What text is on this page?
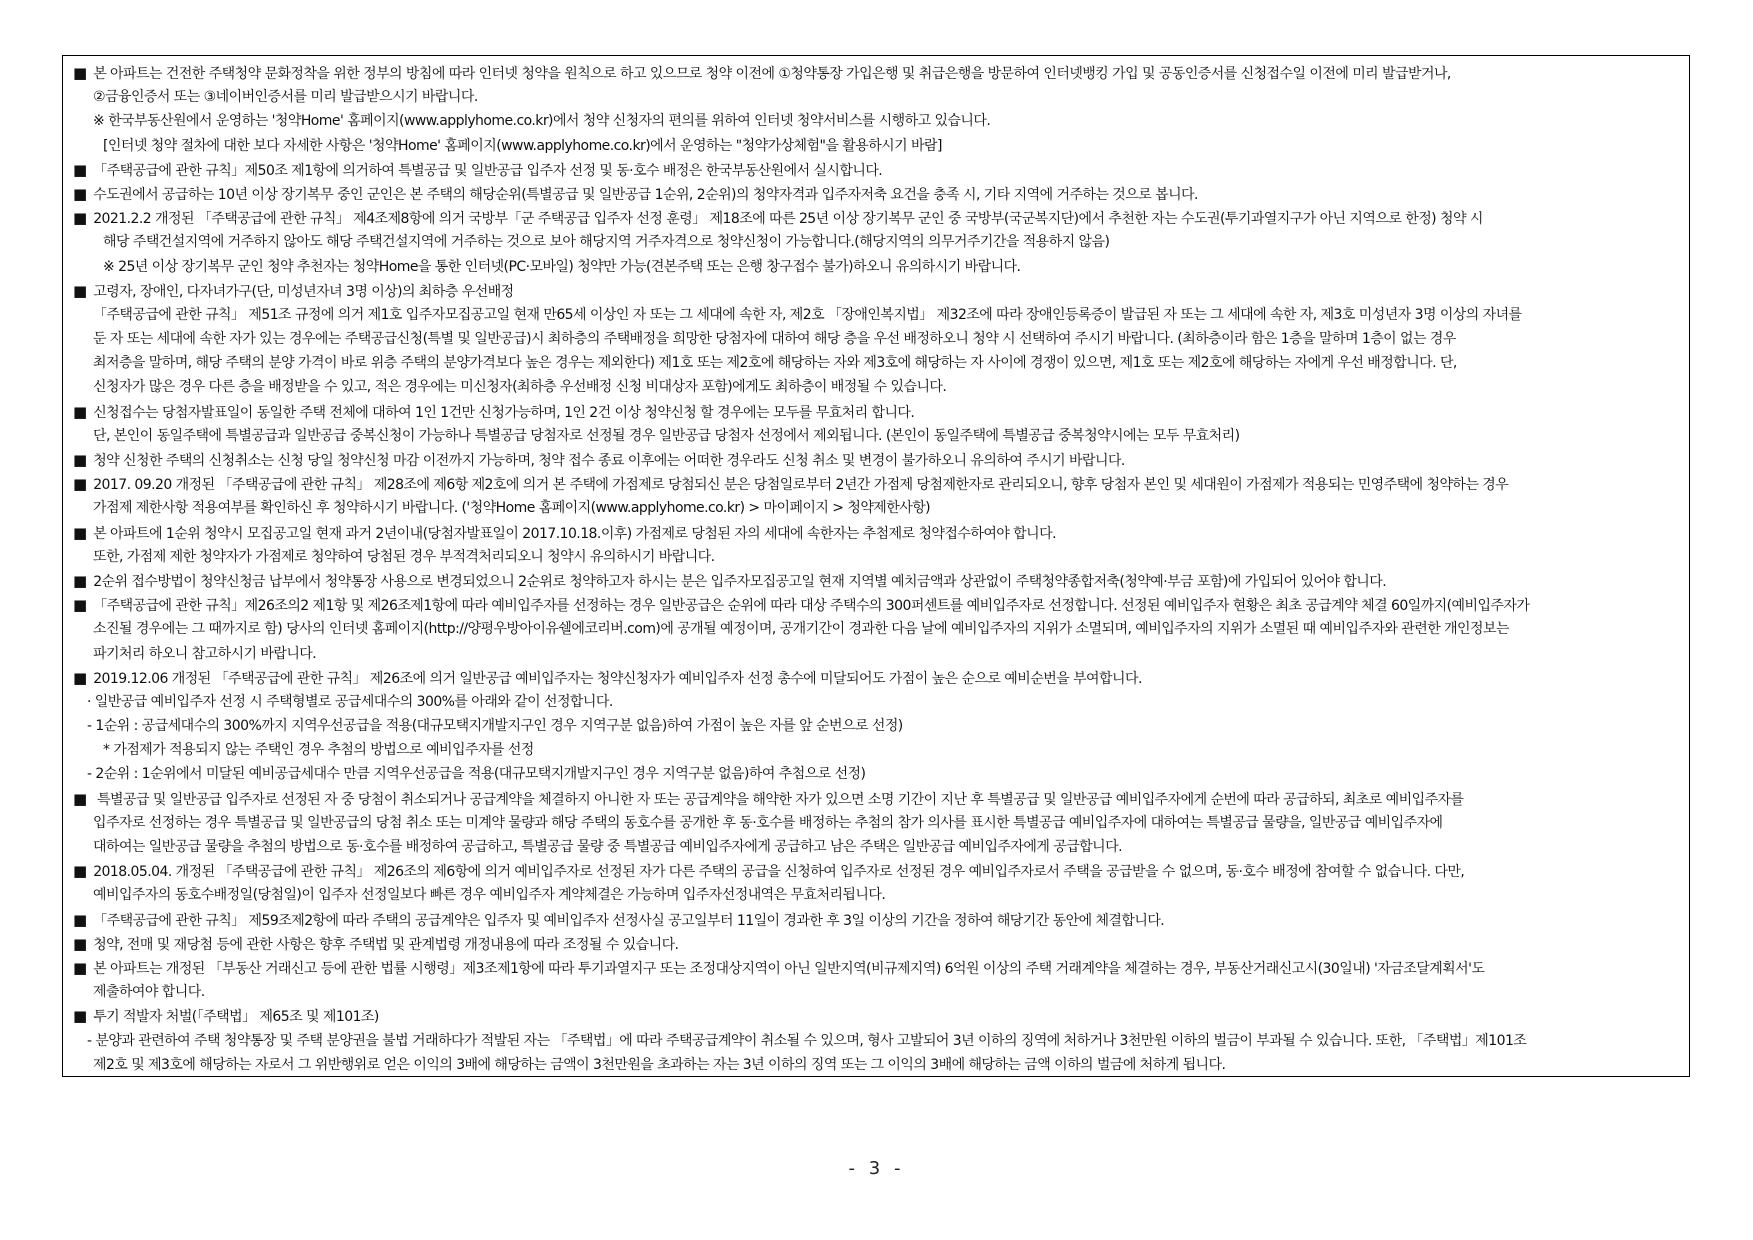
■ 본 아파트는 건전한 주택청약 문화정착을 위한 정부의 방침에 따라 인터넷 청약을 원칙으로 하고 있으므로 청약 이전에 ①청약통장 가입은행 및 취급은행을 방문하여 인터넷뱅킹 가입 및 공동인증서를 신청접수일 이전에 미리 발급받거나,
②금융인증서 또는 ③네이버인증서를 미리 발급받으시기 바랍니다.
※ 한국부동산원에서 운영하는 '청약Home' 홈페이지(www.applyhome.co.kr)에서 청약 신청자의 편의를 위하여 인터넷 청약서비스를 시행하고 있습니다.
[인터넷 청약 절차에 대한 보다 자세한 사항은 '청약Home' 홈페이지(www.applyhome.co.kr)에서 운영하는 "청약가상체험"을 활용하시기 바람]
■ 「주택공급에 관한 규칙」제50조 제1항에 의거하여 특별공급 및 일반공급 입주자 선정 및 동·호수 배정은 한국부동산원에서 실시합니다.
■ 수도권에서 공급하는 10년 이상 장기복무 중인 군인은 본 주택의 해당순위(특별공급 및 일반공급 1순위, 2순위)의 청약자격과 입주자저축 요건을 충족 시, 기타 지역에 거주하는 것으로 봅니다.
■ 2021.2.2 개정된 「주택공급에 관한 규칙」 제4조제8항에 의거 국방부「군 주택공급 입주자 선정 훈령」 제18조에 따른 25년 이상 장기복무 군인 중 국방부(국군복지단)에서 추천한 자는 수도권(투기과열지구가 아닌 지역으로 한정) 청약 시
해당 주택건설지역에 거주하지 않아도 해당 주택건설지역에 거주하는 것으로 보아 해당지역 거주자격으로 청약신청이 가능합니다.(해당지역의 의무거주기간을 적용하지 않음)
※ 25년 이상 장기복무 군인 청약 추천자는 청약Home을 통한 인터넷(PC·모바일) 청약만 가능(견본주택 또는 은행 창구접수 불가)하오니 유의하시기 바랍니다.
■ 고령자, 장애인, 다자녀가구(단, 미성년자녀 3명 이상)의 최하층 우선배정
「주택공급에 관한 규칙」 제51조 규정에 의거 제1호 입주자모집공고일 현재 만65세 이상인 자 또는 그 세대에 속한 자, 제2호 「장애인복지법」 제32조에 따라 장애인등록증이 발급된 자 또는 그 세대에 속한 자, 제3호 미성년자 3명 이상의 자녀를
둔 자 또는 세대에 속한 자가 있는 경우에는 주택공급신청(특별 및 일반공급)시 최하층의 주택배정을 희망한 당첨자에 대하여 해당 층을 우선 배정하오니 청약 시 선택하여 주시기 바랍니다. (최하층이라 함은 1층을 말하며 1층이 없는 경우
최저층을 말하며, 해당 주택의 분양 가격이 바로 위층 주택의 분양가격보다 높은 경우는 제외한다) 제1호 또는 제2호에 해당하는 자와 제3호에 해당하는 자 사이에 경쟁이 있으면, 제1호 또는 제2호에 해당하는 자에게 우선 배정합니다. 단,
신청자가 많은 경우 다른 층을 배정받을 수 있고, 적은 경우에는 미신청자(최하층 우선배정 신청 비대상자 포함)에게도 최하층이 배정될 수 있습니다.
■ 신청접수는 당첨자발표일이 동일한 주택 전체에 대하여 1인 1건만 신청가능하며, 1인 2건 이상 청약신청 할 경우에는 모두를 무효처리 합니다.
단, 본인이 동일주택에 특별공급과 일반공급 중복신청이 가능하나 특별공급 당첨자로 선정될 경우 일반공급 당첨자 선정에서 제외됩니다. (본인이 동일주택에 특별공급 중복청약시에는 모두 무효처리)
■ 청약 신청한 주택의 신청취소는 신청 당일 청약신청 마감 이전까지 가능하며, 청약 접수 종료 이후에는 어떠한 경우라도 신청 취소 및 변경이 불가하오니 유의하여 주시기 바랍니다.
■ 2017. 09.20 개정된 「주택공급에 관한 규칙」 제28조에 제6항 제2호에 의거 본 주택에 가점제로 당첨되신 분은 당첨일로부터 2년간 가점제 당첨제한자로 관리되오니, 향후 당첨자 본인 및 세대원이 가점제가 적용되는 민영주택에 청약하는 경우
가점제 제한사항 적용여부를 확인하신 후 청약하시기 바랍니다. ('청약Home 홈페이지(www.applyhome.co.kr) > 마이페이지 > 청약제한사항)
■ 본 아파트에 1순위 청약시 모집공고일 현재 과거 2년이내(당첨자발표일이 2017.10.18.이후) 가점제로 당첨된 자의 세대에 속한자는 추첨제로 청약접수하여야 합니다.
또한, 가점제 제한 청약자가 가점제로 청약하여 당첨된 경우 부적격처리되오니 청약시 유의하시기 바랍니다.
■ 2순위 접수방법이 청약신청금 납부에서 청약통장 사용으로 변경되었으니 2순위로 청약하고자 하시는 분은 입주자모집공고일 현재 지역별 예치금액과 상관없이 주택청약종합저축(청약예·부금 포함)에 가입되어 있어야 합니다.
■ 「주택공급에 관한 규칙」제26조의2 제1항 및 제26조제1항에 따라 예비입주자를 선정하는 경우 일반공급은 순위에 따라 대상 주택수의 300퍼센트를 예비입주자로 선정합니다. 선정된 예비입주자 현황은 최초 공급계약 체결 60일까지(예비입주자가
소진될 경우에는 그 때까지로 함) 당사의 인터넷 홈페이지(http://양평우방아이유쉘에코리버.com)에 공개될 예정이며, 공개기간이 경과한 다음 날에 예비입주자의 지위가 소멸되며, 예비입주자의 지위가 소멸된 때 예비입주자와 관련한 개인정보는
파기처리 하오니 참고하시기 바랍니다.
■ 2019.12.06 개정된 「주택공급에 관한 규칙」 제26조에 의거 일반공급 예비입주자는 청약신청자가 예비입주자 선정 총수에 미달되어도 가점이 높은 순으로 예비순번을 부여합니다.
· 일반공급 예비입주자 선정 시 주택형별로 공급세대수의 300%를 아래와 같이 선정합니다.
- 1순위 : 공급세대수의 300%까지 지역우선공급을 적용(대규모택지개발지구인 경우 지역구분 없음)하여 가점이 높은 자를 앞 순번으로 선정)
* 가점제가 적용되지 않는 주택인 경우 추첨의 방법으로 예비입주자를 선정
- 2순위 : 1순위에서 미달된 예비공급세대수 만큼 지역우선공급을 적용(대규모택지개발지구인 경우 지역구분 없음)하여 추첨으로 선정)
■ 특별공급 및 일반공급 입주자로 선정된 자 중 당첨이 취소되거나 공급계약을 체결하지 아니한 자 또는 공급계약을 해약한 자가 있으면 소명 기간이 지난 후 특별공급 및 일반공급 예비입주자에게 순번에 따라 공급하되, 최초로 예비입주자를
입주자로 선정하는 경우 특별공급 및 일반공급의 당첨 취소 또는 미계약 물량과 해당 주택의 동호수를 공개한 후 동·호수를 배정하는 추첨의 참가 의사를 표시한 특별공급 예비입주자에 대하여는 특별공급 물량을, 일반공급 예비입주자에
대하여는 일반공급 물량을 추첨의 방법으로 동·호수를 배정하여 공급하고, 특별공급 물량 중 특별공급 예비입주자에게 공급하고 남은 주택은 일반공급 예비입주자에게 공급합니다.
■ 2018.05.04. 개정된 「주택공급에 관한 규칙」 제26조의 제6항에 의거 예비입주자로 선정된 자가 다른 주택의 공급을 신청하여 입주자로 선정된 경우 예비입주자로서 주택을 공급받을 수 없으며, 동·호수 배정에 참여할 수 없습니다. 다만,
예비입주자의 동호수배정일(당첨일)이 입주자 선정일보다 빠른 경우 예비입주자 계약체결은 가능하며 입주자선정내역은 무효처리됩니다.
■ 「주택공급에 관한 규칙」 제59조제2항에 따라 주택의 공급계약은 입주자 및 예비입주자 선정사실 공고일부터 11일이 경과한 후 3일 이상의 기간을 정하여 해당기간 동안에 체결합니다.
■ 청약, 전매 및 재당첨 등에 관한 사항은 향후 주택법 및 관계법령 개정내용에 따라 조정될 수 있습니다.
■ 본 아파트는 개정된 「부동산 거래신고 등에 관한 법률 시행령」제3조제1항에 따라 투기과열지구 또는 조정대상지역이 아닌 일반지역(비규제지역) 6억원 이상의 주택 거래계약을 체결하는 경우, 부동산거래신고시(30일내) '자금조달계획서'도
제출하여야 합니다.
■ 투기 적발자 처벌(「주택법」 제65조 및 제101조)
- 분양과 관련하여 주택 청약통장 및 주택 분양권을 불법 거래하다가 적발된 자는 「주택법」에 따라 주택공급계약이 취소될 수 있으며, 형사 고발되어 3년 이하의 징역에 처하거나 3천만원 이하의 벌금이 부과될 수 있습니다. 또한, 「주택법」제101조
제2호 및 제3호에 해당하는 자로서 그 위반행위로 얻은 이익의 3배에 해당하는 금액이 3천만원을 초과하는 자는 3년 이하의 징역 또는 그 이익의 3배에 해당하는 금액 이하의 벌금에 처하게 됩니다.
- 3 -
